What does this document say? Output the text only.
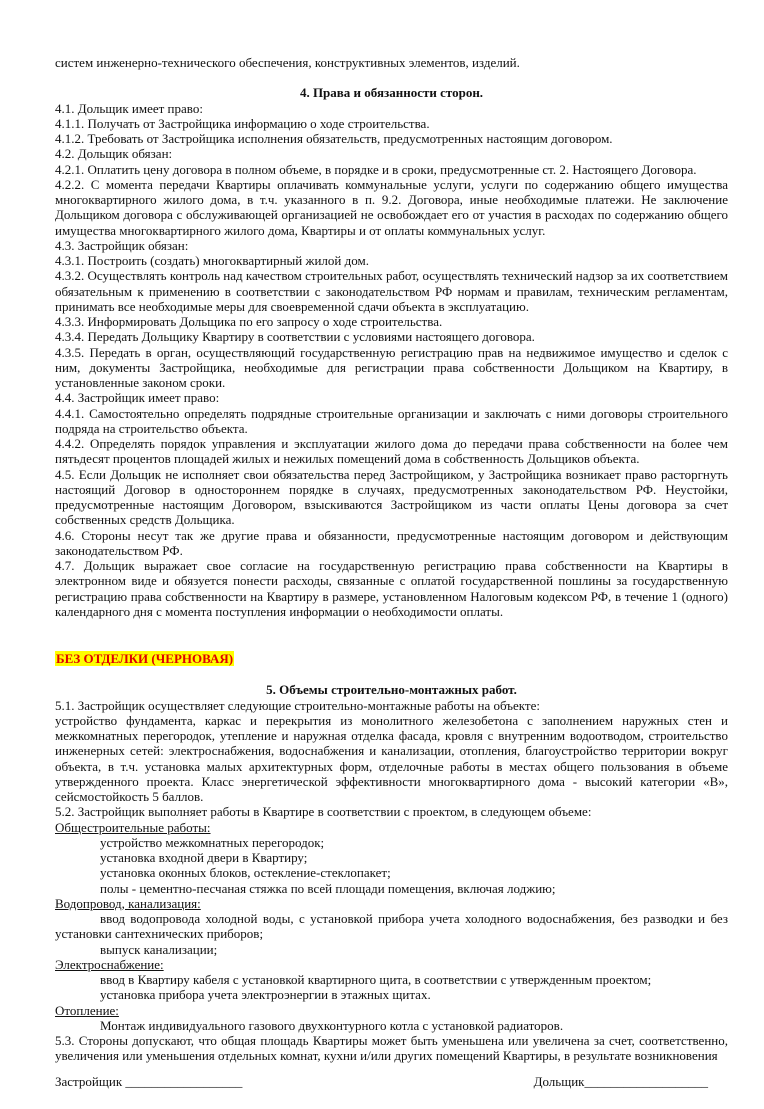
систем инженерно-технического обеспечения, конструктивных элементов, изделий.

4. Права и обязанности сторон.

4.1. Дольщик имеет право:

4.1.1. Получать от Застройщика информацию о ходе строительства.

4.1.2. Требовать от Застройщика исполнения обязательств, предусмотренных настоящим договором.

4.2. Дольщик обязан:

4.2.1. Оплатить цену договора в полном объеме, в порядке и в сроки, предусмотренные ст. 2. Настоящего Договора.

4.2.2. С момента передачи Квартиры оплачивать коммунальные услуги, услуги по содержанию общего имущества многоквартирного жилого дома, в т.ч. указанного в п. 9.2. Договора, иные необходимые платежи. Не заключение Дольщиком договора с обслуживающей организацией не освобождает его от участия в расходах по содержанию общего имущества многоквартирного жилого дома, Квартиры и от оплаты коммунальных услуг.

4.3. Застройщик обязан:

4.3.1. Построить (создать) многоквартирный жилой дом.

4.3.2. Осуществлять контроль над качеством строительных работ, осуществлять технический надзор за их соответствием обязательным к применению в соответствии с законодательством РФ нормам и правилам, техническим регламентам, принимать все необходимые меры для своевременной сдачи объекта в эксплуатацию.

4.3.3. Информировать Дольщика по его запросу о ходе строительства.

4.3.4. Передать Дольщику Квартиру в соответствии с условиями настоящего договора.

4.3.5. Передать в орган, осуществляющий государственную регистрацию прав на недвижимое имущество и сделок с ним, документы Застройщика, необходимые для регистрации права собственности Дольщиком на Квартиру, в установленные законом сроки.

4.4. Застройщик имеет право:

4.4.1. Самостоятельно определять подрядные строительные организации и заключать с ними договоры строительного подряда на строительство объекта.

4.4.2. Определять порядок управления и эксплуатации жилого дома до передачи права собственности на более чем пятьдесят процентов площадей жилых и нежилых помещений дома в собственность Дольщиков объекта.

4.5. Если Дольщик не исполняет свои обязательства перед Застройщиком, у Застройщика возникает право расторгнуть настоящий Договор в одностороннем порядке в случаях, предусмотренных законодательством РФ. Неустойки, предусмотренные настоящим Договором, взыскиваются Застройщиком из части оплаты Цены договора за счет собственных средств Дольщика.

4.6. Стороны несут так же другие права и обязанности, предусмотренные настоящим договором и действующим законодательством РФ.

4.7. Дольщик выражает свое согласие на государственную регистрацию права собственности на Квартиры в электронном виде и обязуется понести расходы, связанные с оплатой государственной пошлины за государственную регистрацию права собственности на Квартиру в размере, установленном Налоговым кодексом РФ, в течение 1 (одного) календарного дня с момента поступления информации о необходимости оплаты.

БЕЗ ОТДЕЛКИ (ЧЕРНОВАЯ)

5. Объемы строительно-монтажных работ.

5.1. Застройщик осуществляет следующие строительно-монтажные работы на объекте:

устройство фундамента, каркас и перекрытия из монолитного железобетона с заполнением наружных стен и межкомнатных перегородок, утепление и наружная отделка фасада, кровля с внутренним водоотводом, строительство инженерных сетей: электроснабжения, водоснабжения и канализации, отопления, благоустройство территории вокруг объекта, в т.ч. установка малых архитектурных форм, отделочные работы в местах общего пользования в объеме утвержденного проекта. Класс энергетической эффективности многоквартирного дома - высокий категории «В», сейсмостойкость 5 баллов.

5.2. Застройщик выполняет работы в Квартире в соответствии с проектом, в следующем объеме:

Общестроительные работы:

устройство межкомнатных перегородок;

установка входной двери в Квартиру;

установка оконных блоков, остекление-стеклопакет;

полы - цементно-песчаная стяжка по всей площади помещения, включая лоджию;

Водопровод, канализация:

ввод водопровода холодной воды, с установкой прибора учета холодного водоснабжения, без разводки и без установки сантехнических приборов;

выпуск канализации;

Электроснабжение:

ввод в Квартиру кабеля с установкой квартирного щита, в соответствии с утвержденным проектом;

установка прибора учета электроэнергии в этажных щитах.

Отопление:

Монтаж индивидуального газового двухконтурного котла с установкой радиаторов.

5.3. Стороны допускают, что общая площадь Квартиры может быть уменьшена или увеличена за счет, соответственно, увеличения или уменьшения отдельных комнат, кухни и/или других помещений Квартиры, в результате возникновения

Застройщик __________________	Дольщик___________________
